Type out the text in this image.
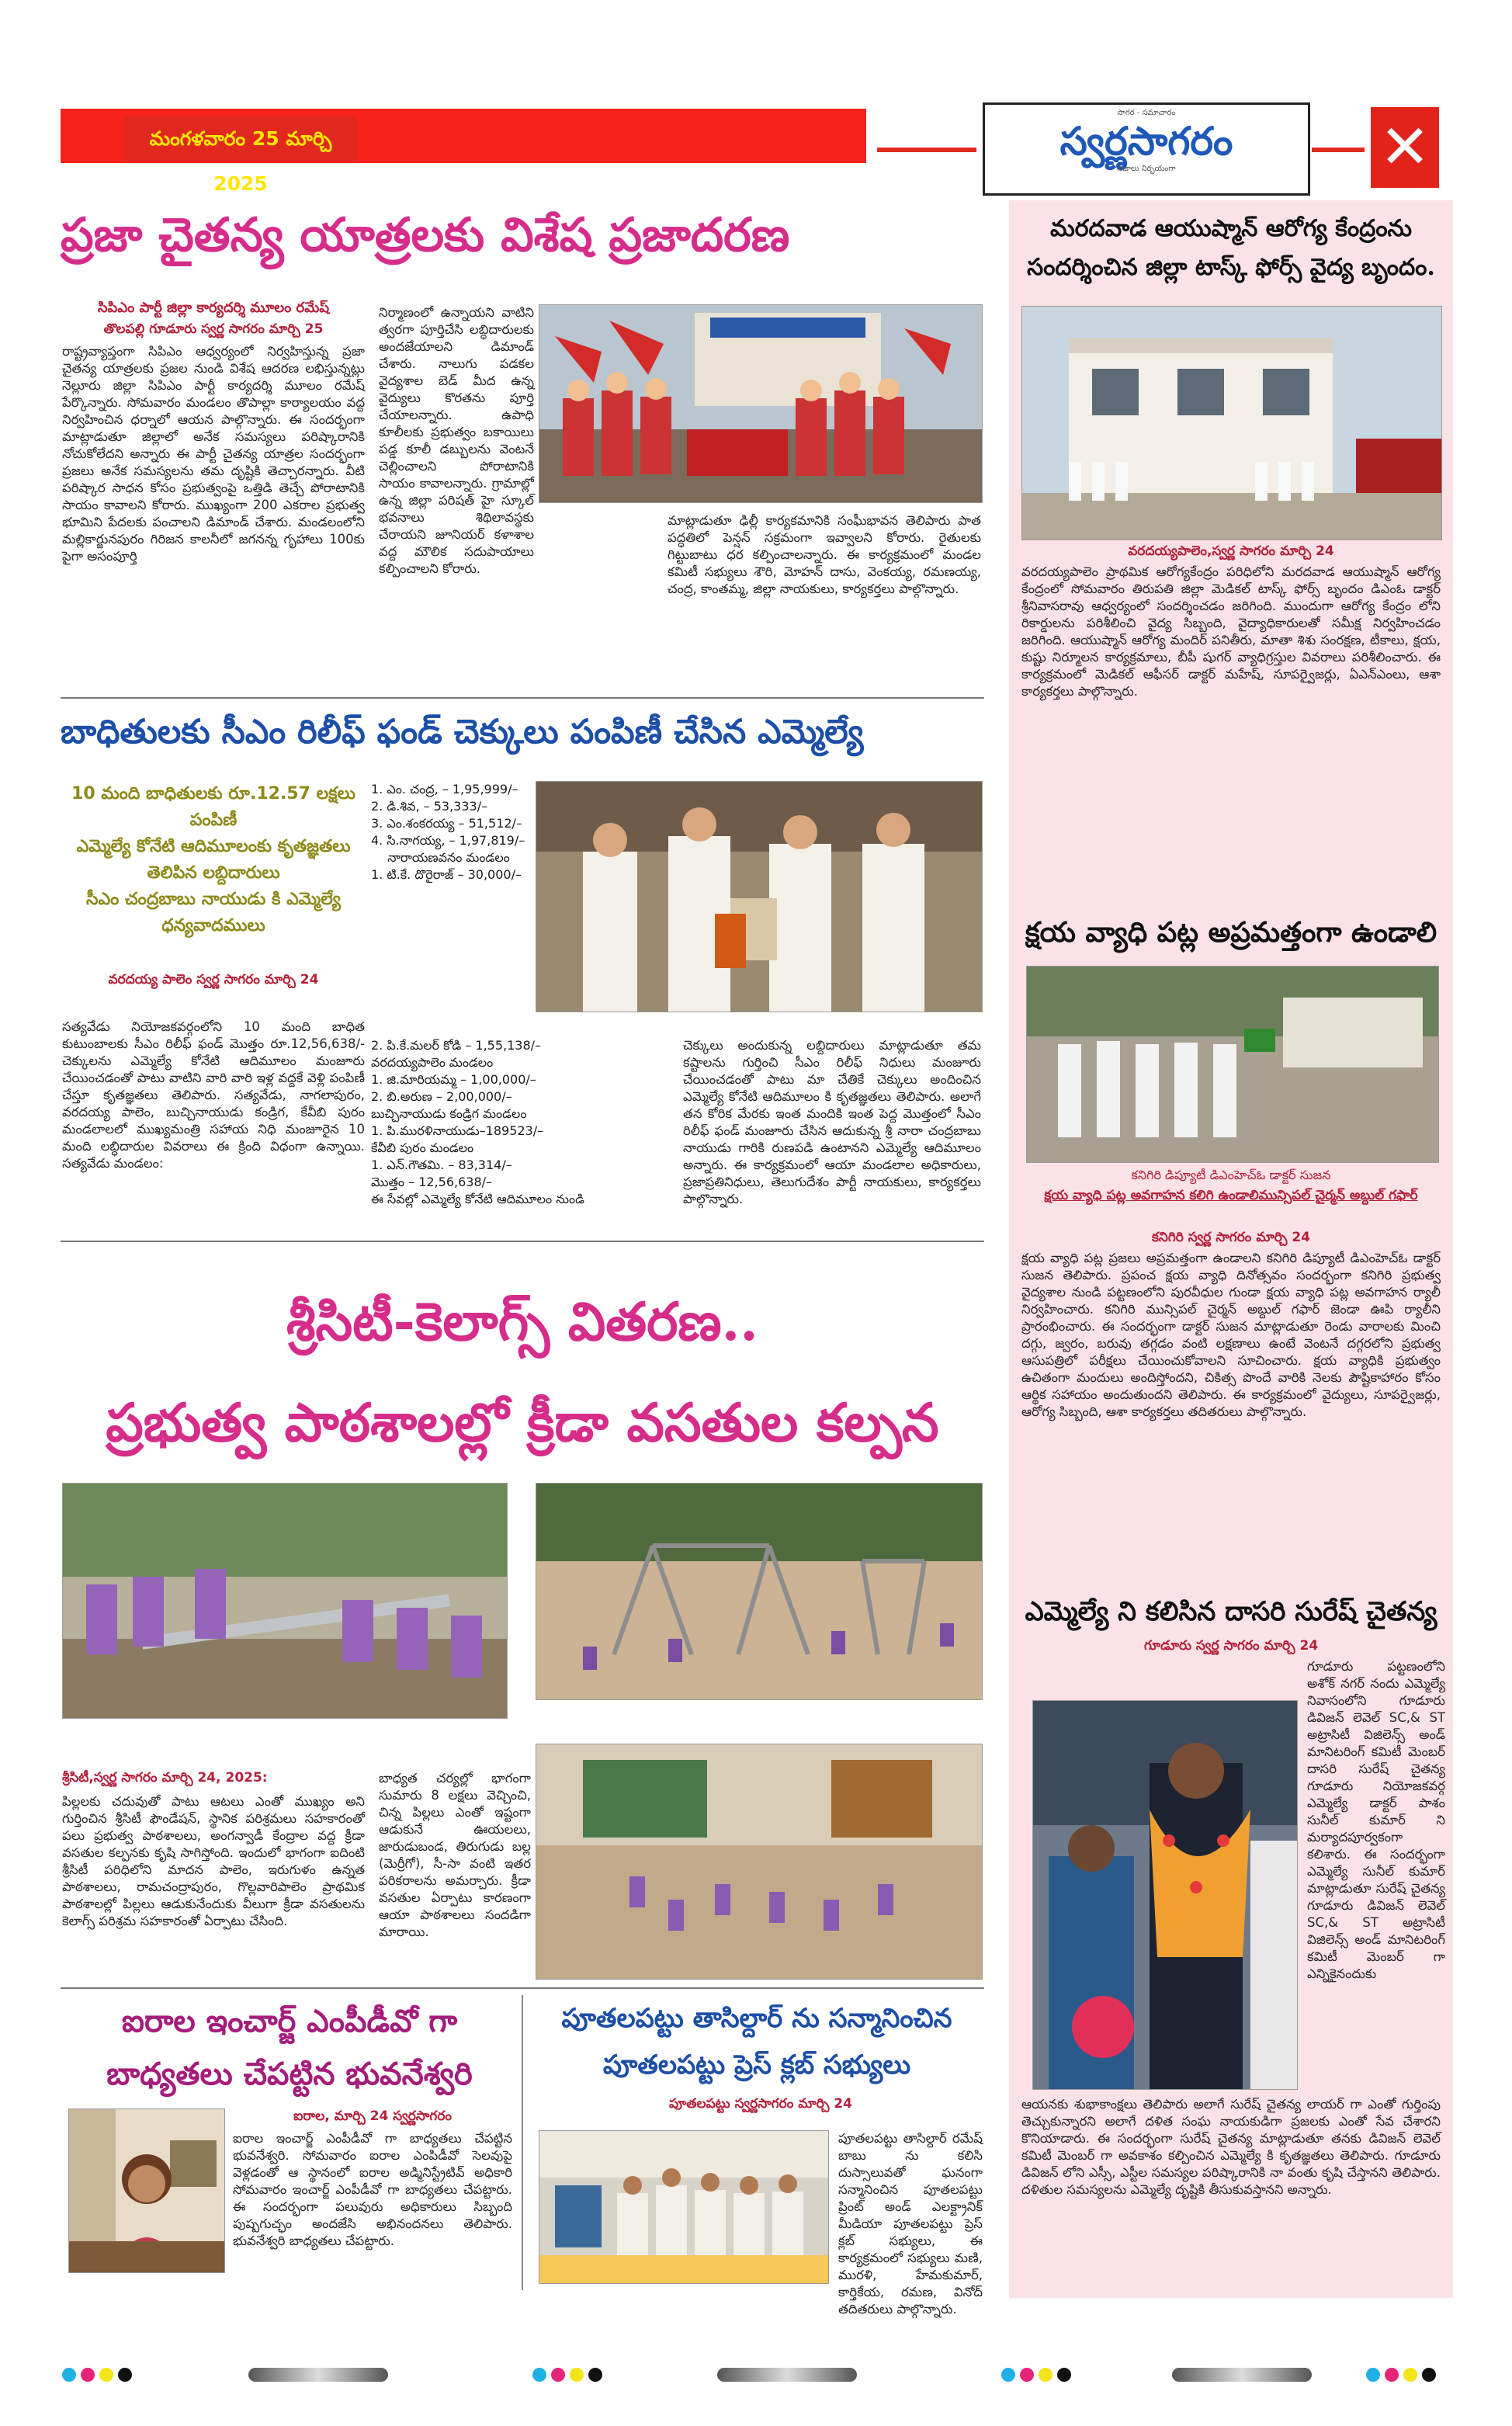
మంగళవారం 25 మార్చి 2025
సాగర - సమాచారం
స్వర్ణసాగరం
నిజాలు నిర్భయంగా	✕
ప్రజా చైతన్య యాత్రలకు విశేష ప్రజాదరణ
సిపిఎం పార్టీ జిల్లా కార్యదర్శి మూలం రమేష్
తొలపల్లి గూడూరు స్వర్ణ సాగరం మార్చి 25
రాష్ట్రవ్యాప్తంగా సిపిఎం ఆధ్వర్యంలో నిర్వహిస్తున్న ప్రజా చైతన్య యాత్రలకు ప్రజల నుండి విశేష ఆదరణ లభిస్తున్నట్లు నెల్లూరు జిల్లా సిపిఎం పార్టీ కార్యదర్శి మూలం రమేష్ పేర్కొన్నారు. సోమవారం మండలం తొపాల్లా కార్యాలయం వద్ద నిర్వహించిన ధర్నాలో ఆయన పాల్గొన్నారు. ఈ సందర్భంగా మాట్లాడుతూ జిల్లాలో అనేక సమస్యలు పరిష్కారానికి నోచుకోలేదని అన్నారు ఈ పార్టీ చైతన్య యాత్రల సందర్భంగా ప్రజలు అనేక సమస్యలను తమ దృష్టికి తెచ్చారన్నారు. వీటి పరిష్కార సాధన కోసం ప్రభుత్వంపై ఒత్తిడి తెచ్చే పోరాటానికి సాయం కావాలని కోరారు. ముఖ్యంగా 200 ఎకరాల ప్రభుత్వ భూమిని పేదలకు పంచాలని డిమాండ్ చేశారు. మండలంలోని మల్లికార్జునపురం గిరిజన కాలనీలో జగనన్న గృహాలు 100కు పైగా అసంపూర్తి
నిర్మాణంలో ఉన్నాయని వాటిని త్వరగా పూర్తిచేసి లబ్ధిదారులకు అందజేయాలని డిమాండ్ చేశారు. నాలుగు పడకల వైద్యశాల బెడ్ మీద ఉన్న వైద్యులు కొరతను పూర్తి చేయాలన్నారు. ఉపాధి కూలీలకు ప్రభుత్వం బకాయిలు పడ్డ కూలీ డబ్బులను వెంటనే చెల్లించాలని పోరాటానికి సాయం కావాలన్నారు. గ్రామాల్లో ఉన్న జిల్లా పరిషత్ హై స్కూల్ భవనాలు శిథిలావస్థకు చేరాయని జూనియర్ కళాశాల వద్ద మౌలిక సదుపాయాలు కల్పించాలని కోరారు.
మాట్లాడుతూ ఢిల్లీ కార్యకమానికి సంఘీభావన తెలిపారు పాత పద్ధతిలో పెన్షన్ సక్రమంగా ఇవ్వాలని కోరారు. రైతులకు గిట్టుబాటు ధర కల్పించాలన్నారు. ఈ కార్యక్రమంలో మండల కమిటీ సభ్యులు శౌరి, మోహన్ దాసు, వెంకయ్య, రమణయ్య, చంద్ర, కాంతమ్మ, జిల్లా నాయకులు, కార్యకర్తలు పాల్గొన్నారు.
బాధితులకు సీఎం రిలీఫ్ ఫండ్ చెక్కులు పంపిణీ చేసిన ఎమ్మెల్యే
10 మంది బాధితులకు రూ.12.57 లక్షలు పంపిణీ
ఎమ్మెల్యే కోనేటి ఆదిమూలంకు కృతజ్ఞతలు తెలిపిన లబ్దిదారులు
సీఎం చంద్రబాబు నాయుడు కి ఎమ్మెల్యే ధన్యవాదములు
వరదయ్య పాలెం స్వర్ణ సాగరం మార్చి 24
సత్యవేడు నియోజకవర్గంలోని 10 మంది బాధిత కుటుంబాలకు సీఎం రిలీఫ్ ఫండ్ మొత్తం రూ.12,56,638/- చెక్కులను ఎమ్మెల్యే కోనేటి ఆదిమూలం మంజూరు చేయించడంతో పాటు వాటిని వారి వారి ఇళ్ల వద్దకే వెళ్లి పంపిణీ చేస్తూ కృతజ్ఞతలు తెలిపారు. సత్యవేడు, నాగలాపురం, వరదయ్య పాలెం, బుచ్చినాయుడు కండ్రిగ, కేవీబి పురం మండలాలలో ముఖ్యమంత్రి సహాయ నిధి మంజూరైన 10 మంది లబ్ధిదారుల వివరాలు ఈ క్రింది విధంగా ఉన్నాయి. సత్యవేడు మండలం:
1. ఎం. చంద్ర, – 1,95,999/–
2. డి.శివ, – 53,333/–
3. ఎం.శంకరయ్య – 51,512/–
4. సి.నాగయ్య, – 1,97,819/–
నారాయణవనం మండలం
1. టి.కే. దొరైరాజ్ – 30,000/–
2. పి.కే.మలర్ కోడి – 1,55,138/–
వరదయ్యపాలెం మండలం
1. జి.మారియమ్మ – 1,00,000/–
2. బి.అరుణ – 2,00,000/–
బుచ్చినాయుడు కండ్రిగ మండలం
1. పి.మురళినాయుడు–189523/–
కేవీబి పురం మండలం
1. ఎన్.గౌతమి. – 83,314/–
మొత్తం – 12,56,638/–
ఈ సేవల్లో ఎమ్మెల్యే కోనేటి ఆదిమూలం నుండి
చెక్కులు అందుకున్న లబ్దిదారులు మాట్లాడుతూ తమ కష్టాలను గుర్తించి సీఎం రిలీఫ్ నిధులు మంజూరు చేయించడంతో పాటు మా చేతికే చెక్కులు అందించిన ఎమ్మెల్యే కోనేటి ఆదిమూలం కి కృతజ్ఞతలు తెలిపారు. అలాగే తన కోరిక మేరకు ఇంత మందికి ఇంత పెద్ద మొత్తంలో సీఎం రిలీఫ్ ఫండ్ మంజూరు చేసిన ఆదుకున్న శ్రీ నారా చంద్రబాబు నాయుడు గారికి రుణపడి ఉంటానని ఎమ్మెల్యే ఆదిమూలం అన్నారు. ఈ కార్యక్రమంలో ఆయా మండలాల అధికారులు, ప్రజాప్రతినిధులు, తెలుగుదేశం పార్టీ నాయకులు, కార్యకర్తలు పాల్గొన్నారు.
శ్రీసిటీ-కెలాగ్స్ వితరణ..
ప్రభుత్వ పాఠశాలల్లో క్రీడా వసతుల కల్పన
శ్రీసిటీ,స్వర్ణ సాగరం మార్చి 24, 2025:
పిల్లలకు చదువుతో పాటు ఆటలు ఎంతో ముఖ్యం అని గుర్తించిన శ్రీసిటీ ఫౌండేషన్, స్థానిక పరిశ్రమలు సహకారంతో పలు ప్రభుత్వ పాఠశాలలు, అంగన్వాడీ కేంద్రాల వద్ద క్రీడా వసతుల కల్పనకు కృషి సాగిస్తోంది. ఇందులో భాగంగా ఐదింటి శ్రీసిటీ పరిధిలోని మాదన పాలెం, ఇరుగుళం ఉన్నత పాఠశాలలు, రామచంద్రాపురం, గొల్లవారిపాలెం ప్రాథమిక పాఠశాలల్లో పిల్లలు ఆడుకునేందుకు వీలుగా క్రీడా వసతులను కెలాగ్స్ పరిశ్రమ సహకారంతో ఏర్పాటు చేసింది.
బాధ్యత చర్యల్లో భాగంగా సుమారు 8 లక్షలు వెచ్చించి, చిన్న పిల్లలు ఎంతో ఇష్టంగా ఆడుకునే ఊయలలు, జారుడుబండ, తిరుగుడు బల్ల (మెర్రీగో), సీ-సా వంటి ఇతర పరికరాలను అమర్చారు. క్రీడా వసతుల ఏర్పాటు కారణంగా ఆయా పాఠశాలలు సందడిగా మారాయి.
ఐరాల ఇంచార్జ్ ఎంపీడీవో గా బాధ్యతలు చేపట్టిన భువనేశ్వరి
ఐరాల, మార్చి 24 స్వర్ణసాగరం
ఐరాల ఇంచార్జ్ ఎంపీడీవో గా బాధ్యతలు చేపట్టిన భువనేశ్వరి. సోమవారం ఐరాల ఎంపిడీవో సెలవుపై వెళ్లడంతో ఆ స్థానంలో ఐరాల అడ్మినిస్ట్రేటివ్ అధికారి సోమవారం ఇంచార్జ్ ఎంపీడీవో గా బాధ్యతలు చేపట్టారు. ఈ సందర్భంగా పలువురు అధికారులు సిబ్బంది పుష్పగుచ్ఛం అందజేసి అభినందనలు తెలిపారు. భువనేశ్వరి బాధ్యతలు చేపట్టారు.
పూతలపట్టు తాసిల్దార్ ను సన్మానించిన పూతలపట్టు ప్రెస్ క్లబ్ సభ్యులు
పూతలపట్టు స్వర్ణసాగరం మార్చి 24
పూతలపట్టు తాసిల్దార్ రమేష్ బాబు ను కలిసి దుస్సాలువతో ఘనంగా సన్మానించిన పూతలపట్టు ప్రింట్ అండ్ ఎలక్ట్రానిక్ మీడియా పూతలపట్టు ప్రెస్ క్లబ్ సభ్యులు, ఈ కార్యక్రమంలో సభ్యులు మణి, మురళి, హేమకుమార్, కార్తికేయ, రమణ, వినోద్ తదితరులు పాల్గొన్నారు.
మరదవాడ ఆయుష్మాన్ ఆరోగ్య కేంద్రంను సందర్శించిన జిల్లా టాస్క్ ఫోర్స్ వైద్య బృందం.
వరదయ్యపాలెం,స్వర్ణ సాగరం మార్చి 24
వరదయ్యపాలెం ప్రాథమిక ఆరోగ్యకేంద్రం పరిధిలోని మరదవాడ ఆయుష్మాన్ ఆరోగ్య కేంద్రంలో సోమవారం తిరుపతి జిల్లా మెడికల్ టాస్క్ ఫోర్స్ బృందం డిఎంఓ డాక్టర్ శ్రీనివాసరావు ఆధ్వర్యంలో సందర్శించడం జరిగింది. ముందుగా ఆరోగ్య కేంద్రం లోని రికార్డులను పరిశీలించి వైద్య సిబ్బంది, వైద్యాధికారులతో సమీక్ష నిర్వహించడం జరిగింది. ఆయుష్మాన్ ఆరోగ్య మందిర్ పనితీరు, మాతా శిశు సంరక్షణ, టీకాలు, క్షయ, కుష్టు నిర్మూలన కార్యక్రమాలు, బీపీ షుగర్ వ్యాధిగ్రస్తుల వివరాలు పరిశీలించారు. ఈ కార్యక్రమంలో మెడికల్ ఆఫీసర్ డాక్టర్ మహేష్, సూపర్వైజర్లు, ఏఎన్ఎంలు, ఆశా కార్యకర్తలు పాల్గొన్నారు.
క్షయ వ్యాధి పట్ల అప్రమత్తంగా ఉండాలి
కనిగిరి డిప్యూటీ డిఎంహెచ్ఓ డాక్టర్ సుజన
క్షయ వ్యాధి పట్ల అవగాహన కలిగి ఉండాలిమున్సిపల్ చైర్మన్ అబ్దుల్ గఫార్
కనిగిరి స్వర్ణ సాగరం మార్చి 24
క్షయ వ్యాధి పట్ల ప్రజలు అప్రమత్తంగా ఉండాలని కనిగిరి డిప్యూటీ డిఎంహెచ్ఓ డాక్టర్ సుజన తెలిపారు. ప్రపంచ క్షయ వ్యాధి దినోత్సవం సందర్భంగా కనిగిరి ప్రభుత్వ వైద్యశాల నుండి పట్టణంలోని పురవీధుల గుండా క్షయ వ్యాధి పట్ల అవగాహన ర్యాలీ నిర్వహించారు. కనిగిరి మున్సిపల్ చైర్మన్ అబ్దుల్ గఫార్ జెండా ఊపి ర్యాలీని ప్రారంభించారు. ఈ సందర్భంగా డాక్టర్ సుజన మాట్లాడుతూ రెండు వారాలకు మించి దగ్గు, జ్వరం, బరువు తగ్గడం వంటి లక్షణాలు ఉంటే వెంటనే దగ్గరలోని ప్రభుత్వ ఆసుపత్రిలో పరీక్షలు చేయించుకోవాలని సూచించారు. క్షయ వ్యాధికి ప్రభుత్వం ఉచితంగా మందులు అందిస్తోందని, చికిత్స పొందే వారికి నెలకు పౌష్టికాహారం కోసం ఆర్థిక సహాయం అందుతుందని తెలిపారు. ఈ కార్యక్రమంలో వైద్యులు, సూపర్వైజర్లు, ఆరోగ్య సిబ్బంది, ఆశా కార్యకర్తలు తదితరులు పాల్గొన్నారు.
ఎమ్మెల్యే ని కలిసిన దాసరి సురేష్ చైతన్య
గూడూరు స్వర్ణ సాగరం మార్చి 24
గూడూరు పట్టణంలోని అశోక్ నగర్ నందు ఎమ్మెల్యే నివాసంలోని గూడూరు డివిజన్ లెవెల్ SC,& ST అట్రాసిటీ విజిలెన్స్ అండ్ మానిటరింగ్ కమిటీ మెంబర్ దాసరి సురేష్ చైతన్య గూడూరు నియోజకవర్గ ఎమ్మెల్యే డాక్టర్ పాశం సునీల్ కుమార్ ని మర్యాదపూర్వకంగా కలిశారు. ఈ సందర్భంగా ఎమ్మెల్యే సునీల్ కుమార్ మాట్లాడుతూ సురేష్ చైతన్య గూడూరు డివిజన్ లెవెల్ SC,& ST అట్రాసిటీ విజిలెన్స్ అండ్ మానిటరింగ్ కమిటీ మెంబర్ గా ఎన్నికైనందుకు
ఆయనకు శుభాకాంక్షలు తెలిపారు అలాగే సురేష్ చైతన్య లాయర్ గా ఎంతో గుర్తింపు తెచ్చుకున్నారని అలాగే దళిత సంఘ నాయకుడిగా ప్రజలకు ఎంతో సేవ చేశారని కొనియాడారు. ఈ సందర్భంగా సురేష్ చైతన్య మాట్లాడుతూ తనకు డివిజన్ లెవెల్ కమిటీ మెంబర్ గా అవకాశం కల్పించిన ఎమ్మెల్యే కి కృతజ్ఞతలు తెలిపారు. గూడూరు డివిజన్ లోని ఎస్సీ, ఎస్టీల సమస్యల పరిష్కారానికి నా వంతు కృషి చేస్తానని తెలిపారు. దళితుల సమస్యలను ఎమ్మెల్యే దృష్టికి తీసుకువస్తానని అన్నారు.
